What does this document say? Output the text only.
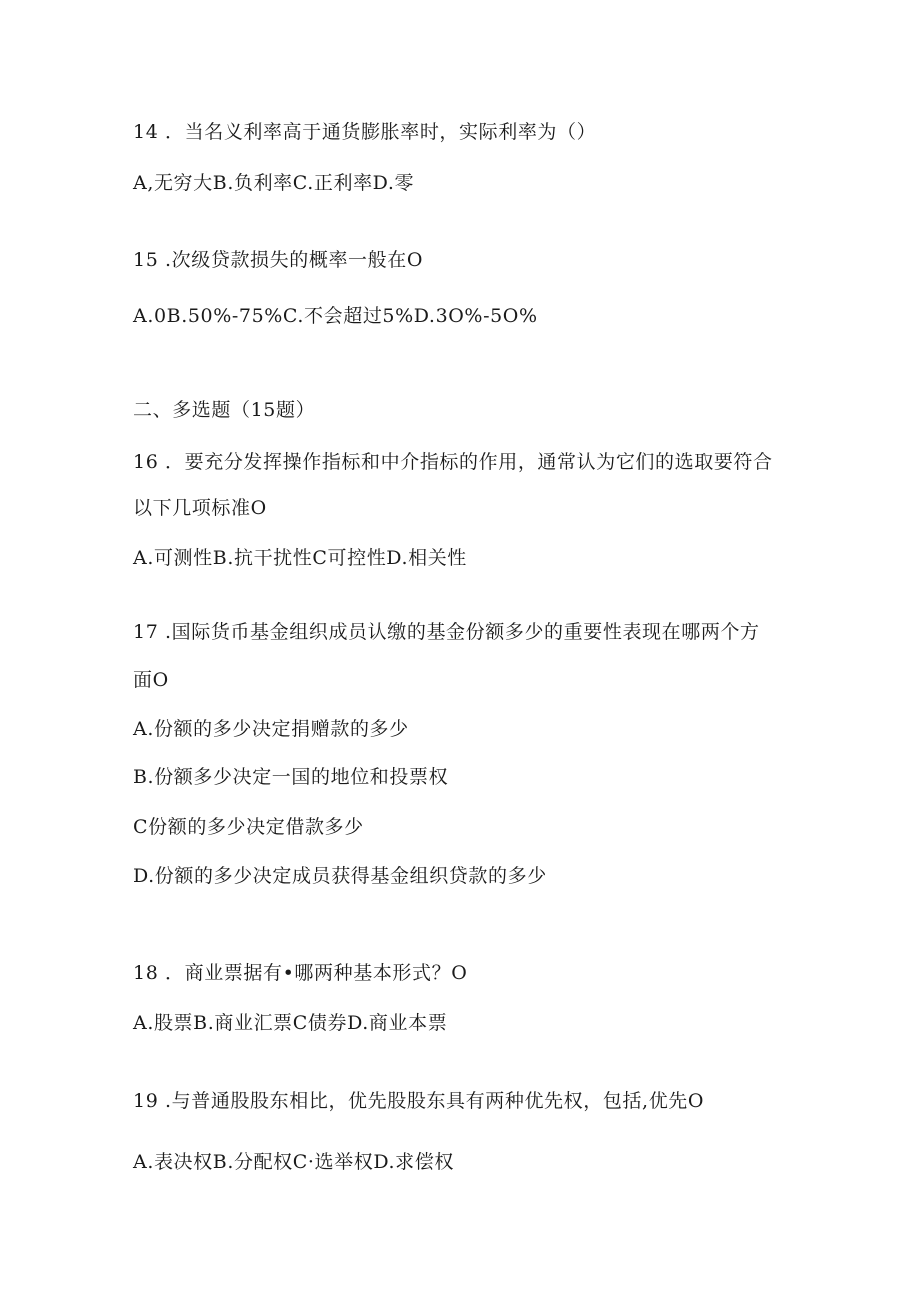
14 ．当名义利率高于通货膨胀率时，实际利率为（）
A,无穷大B.负利率C.正利率D.零
15 .次级贷款损失的概率一般在O
A.0B.50%-75%C.不会超过5%D.3O%-5O%
二、多选题（15题）
16 ．要充分发挥操作指标和中介指标的作用，通常认为它们的选取要符合
以下几项标准O
A.可测性B.抗干扰性C可控性D.相关性
17 .国际货币基金组织成员认缴的基金份额多少的重要性表现在哪两个方
面O
A.份额的多少决定捐赠款的多少
B.份额多少决定一国的地位和投票权
C份额的多少决定借款多少
D.份额的多少决定成员获得基金组织贷款的多少
18 ．商业票据有•哪两种基本形式？O
A.股票B.商业汇票C债券D.商业本票
19 .与普通股股东相比，优先股股东具有两种优先权，包括,优先O
A.表决权B.分配权C·选举权D.求偿权
